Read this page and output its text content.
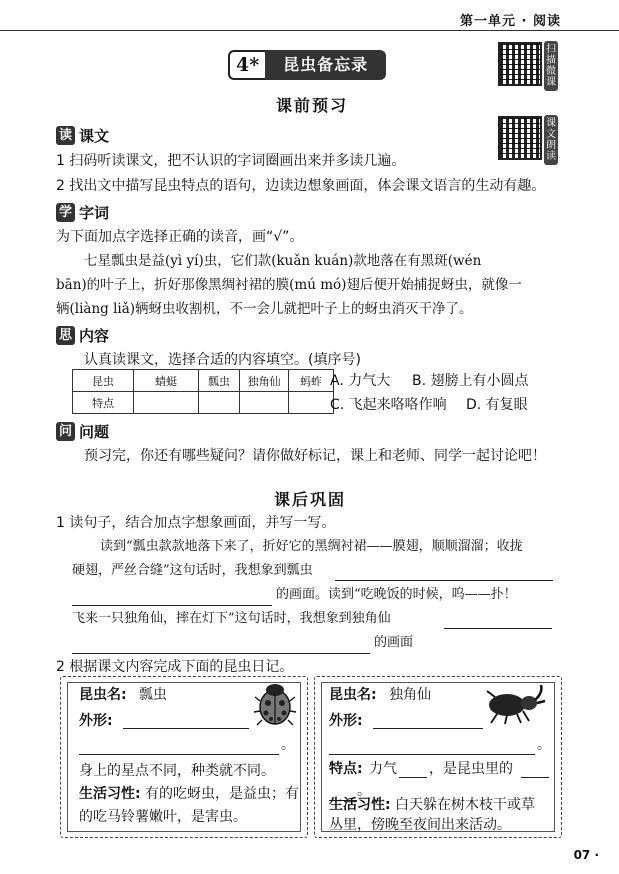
第一单元 · 阅读
4*	昆虫备忘录
扫描微课
课文朗读
课前预习
读 课文
1 扫码听读课文，把不认识的字词圈画出来并多读几遍。
2 找出文中描写昆虫特点的语句，边读边想象画面，体会课文语言的生动有趣。
学 字词
为下面加点字选择正确的读音，画“√”。
七星瓢虫是益(yì yí)虫，它们款(kuǎn kuán)款地落在有黑斑(wén
bān)的叶子上，折好那像黑绸衬裙的膜(mú mó)翅后便开始捕捉蚜虫，就像一
辆(liàng liǎ)辆蚜虫收割机，不一会儿就把叶子上的蚜虫消灭干净了。
思 内容
认真读课文，选择合适的内容填空。(填序号)
昆虫	蜻蜓	瓢虫	独角仙	蚂蚱
特点				
A. 力气大 B. 翅膀上有小圆点
C. 飞起来咯咯作响 D. 有复眼
问 问题
预习完，你还有哪些疑问？请你做好标记，课上和老师、同学一起讨论吧！
课后巩固
1 读句子，结合加点字想象画面，并写一写。
读到“瓢虫款款地落下来了，折好它的黑绸衬裙——膜翅，顺顺溜溜；收拢
硬翅，严丝合缝”这句话时，我想象到瓢虫
的画面。读到“吃晚饭的时候，呜——扑！
飞来一只独角仙，摔在灯下”这句话时，我想象到独角仙
的画面
2 根据课文内容完成下面的昆虫日记。
昆虫名: 瓢虫
外形:
。
身上的星点不同，种类就不同。
生活习性: 有的吃蚜虫，是益虫；有
的吃马铃薯嫩叶，是害虫。
昆虫名: 独角仙
外形:
。
特点: 力气 ，是昆虫里的
。
生活习性: 白天躲在树木枝干或草
丛里，傍晚至夜间出来活动。
07 ·
